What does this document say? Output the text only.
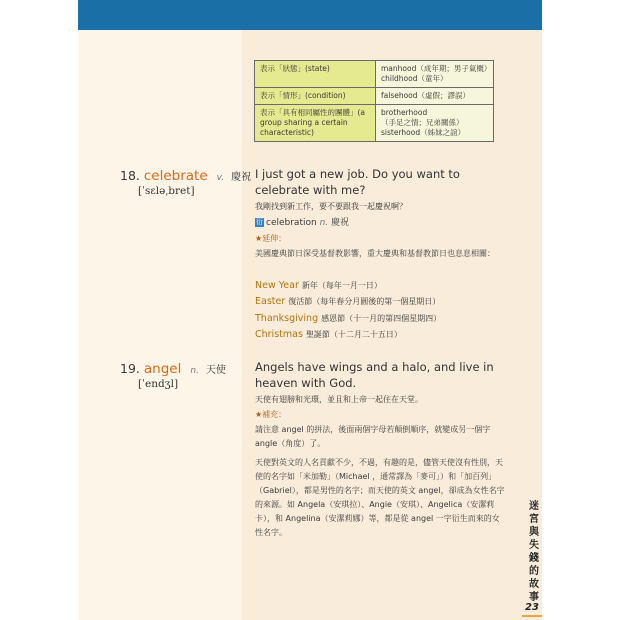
表示「狀態」(state)	manhood（成年期；男子氣概）
childhood（童年）

表示「情形」(condition)	falsehood（虛假；謬誤）

表示「具有相同屬性的團體」(a group sharing a certain characteristic)	brotherhood
（手足之情；兄弟關係）
sisterhood（姊妹之誼）
18. celebrate v. 慶祝
[ˈsɛləˌbret]
I just got a new job. Do you want to celebrate with me?
我剛找到新工作，要不要跟我一起慶祝啊？
衍 celebration n. 慶祝
★延伸：
美國慶典節日深受基督教影響，重大慶典和基督教節日也息息相關：
New Year 新年（每年一月一日）
Easter 復活節（每年春分月圓後的第一個星期日）
Thanksgiving 感恩節（十一月的第四個星期四）
Christmas 聖誕節（十二月二十五日）
19. angel n. 天使
[ˈendʒl]
Angels have wings and a halo, and live in heaven with God.
天使有翅膀和光環，並且和上帝一起住在天堂。
★補充：
請注意 angel 的拼法，後面兩個字母若顛倒順序，就變成另一個字 angle（角度）了。
天使對英文的人名貢獻不少，不過，有趣的是，儘管天使沒有性別，天使的名字如「米加勒」（Michael ，通常譯為「麥可」）和「加百列」（Gabriel），都是男性的名字；而天使的英文 angel，卻成為女性名字的來源。如 Angela（安琪拉）、Angie（安琪）、Angelica（安潔莉卡），和 Angelina（安潔莉娜）等，都是從 angel 一字衍生而來的女性名字。
迷宮與失錢的故事
23
